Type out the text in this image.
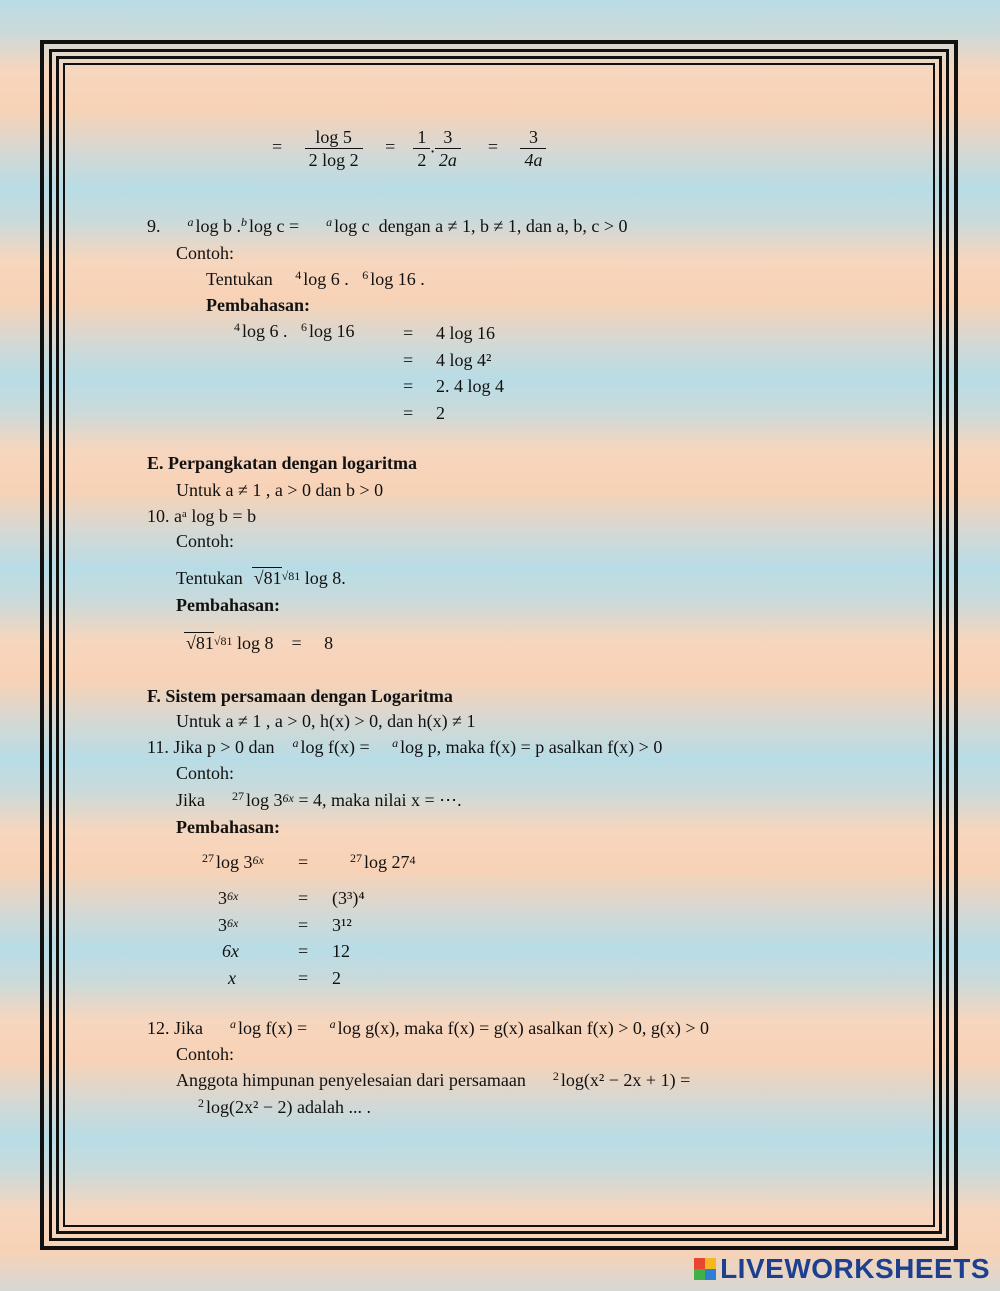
= $\frac{\log 5}{2 \log 2} = \frac{1}{2}$ . $\frac{3}{2a} = \frac{3}{4a}$
9. $^a$ log b .$^b$ log c = $^a$ log c dengan a ≠ 1, b ≠ 1, dan a, b, c > 0
Contoh:
Tentukan $^4$ log 6 . $^6$ log 16 .
Pembahasan:
$^4$ log 6 . $^6$ log 16	=
=
=
=
4 log 16
4 log 4²
2. 4 log 4
2
E. Perpangkatan dengan logaritma
Untuk a ≠ 1 , a > 0 dan b > 0
10. aᵃ log b = b
Contoh:
Tentukan $√81^{√81}$ log 8.
Pembahasan:
$√81^{√81}$ log 8 = 8
F. Sistem persamaan dengan Logaritma
Untuk a ≠ 1 , a > 0, h(x) > 0, dan h(x) ≠ 1
11. Jika p > 0 dan $^a$ log f(x) = $^a$ log p, maka f(x) = p asalkan f(x) > 0
Contoh:
Jika $^{27}$ $\log 3^{6x} = 4$, maka nilai x = ⋯.
Pembahasan:
$^{27}$ $\log 3^{6x}$ =	$^{27}$ $\log 27^4$
$3^{6x}$
$3^{6x}$
6x
x
=
=
=
=
(3³)⁴
3¹²
12
2
12. Jika $^a$ log f(x) = $^a$ log g(x), maka f(x) = g(x) asalkan f(x) > 0, g(x) > 0
Contoh:
Anggota himpunan penyelesaian dari persamaan $^2$ log(x² − 2x + 1) =
$^2$ log(2x² − 2) adalah ... .
LIVEWORKSHEETS
